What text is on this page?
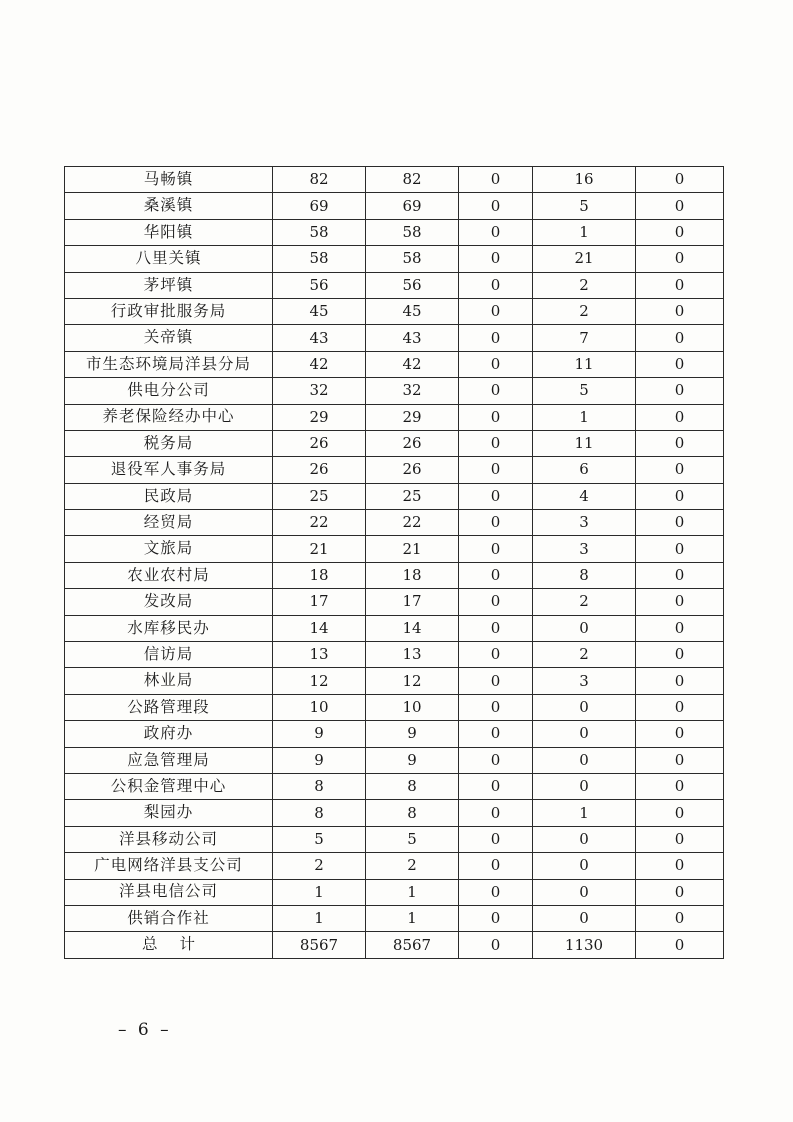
马畅镇	82	82	0	16	0
桑溪镇	69	69	0	5	0
华阳镇	58	58	0	1	0
八里关镇	58	58	0	21	0
茅坪镇	56	56	0	2	0
行政审批服务局	45	45	0	2	0
关帝镇	43	43	0	7	0
市生态环境局洋县分局	42	42	0	11	0
供电分公司	32	32	0	5	0
养老保险经办中心	29	29	0	1	0
税务局	26	26	0	11	0
退役军人事务局	26	26	0	6	0
民政局	25	25	0	4	0
经贸局	22	22	0	3	0
文旅局	21	21	0	3	0
农业农村局	18	18	0	8	0
发改局	17	17	0	2	0
水库移民办	14	14	0	0	0
信访局	13	13	0	2	0
林业局	12	12	0	3	0
公路管理段	10	10	0	0	0
政府办	9	9	0	0	0
应急管理局	9	9	0	0	0
公积金管理中心	8	8	0	0	0
梨园办	8	8	0	1	0
洋县移动公司	5	5	0	0	0
广电网络洋县支公司	2	2	0	0	0
洋县电信公司	1	1	0	0	0
供销合作社	1	1	0	0	0
总计	8567	8567	0	1130	0
– 6 –
